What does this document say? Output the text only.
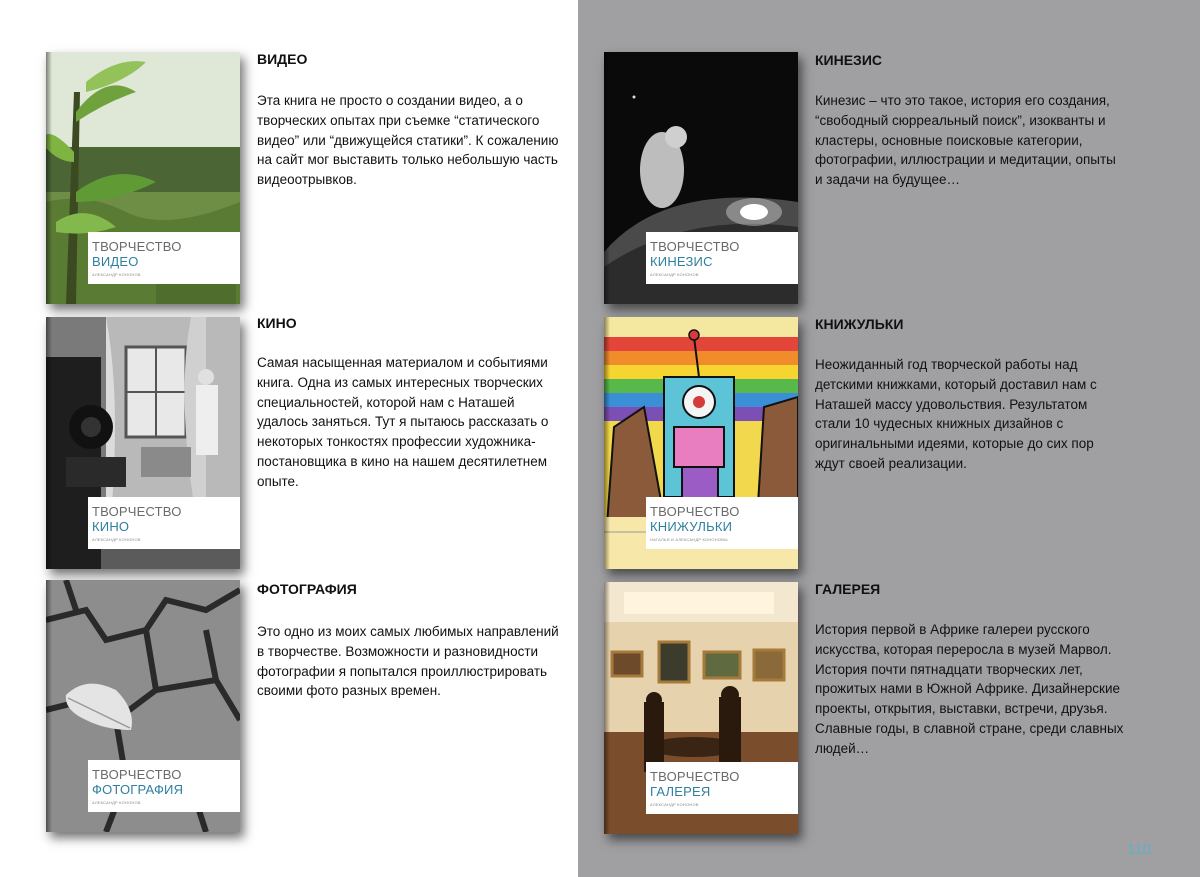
ТВОРЧЕСТВО
ВИДЕО
АЛЕКСАНДР КОНОНОВ
ВИДЕО

Эта книга не просто о создании видео, а о творческих опытах при съемке “статического видео” или “движущейся статики”. К сожалению на сайт мог выставить только небольшую часть видеоотрывков.

ТВОРЧЕСТВО
КИНО
АЛЕКСАНДР КОНОНОВ
КИНО

Самая насыщенная материалом и событиями книга. Одна из самых интересных творческих специальностей, которой нам с Наташей удалось заняться. Тут я пытаюсь рассказать о некоторых тонкостях профессии художника-постановщика в кино на нашем десятилетнем опыте.

ТВОРЧЕСТВО
ФОТОГРАФИЯ
АЛЕКСАНДР КОНОНОВ
ФОТОГРАФИЯ

Это одно из моих самых любимых направлений в творчестве. Возможности и разновидности фотографии я попытался проиллюстрировать своими фото разных времен.

ТВОРЧЕСТВО
КИНЕЗИС
АЛЕКСАНДР КОНОНОВ
КИНЕЗИС

Кинезис – что это такое, история его создания, “свободный сюрреальный поиск”, изокванты и кластеры, основные поисковые категории, фотографии, иллюстрации и медитации, опыты и задачи на будущее…

ТВОРЧЕСТВО
КНИЖУЛЬКИ
НАТАЛЬЯ И АЛЕКСАНДР КОНОНОВЫ
КНИЖУЛЬКИ

Неожиданный год творческой работы над детскими книжками, который доставил нам с Наташей массу удовольствия. Результатом стали 10 чудесных книжных дизайнов с оригинальными идеями, которые до сих пор ждут своей реализации.

ТВОРЧЕСТВО
ГАЛЕРЕЯ
АЛЕКСАНДР КОНОНОВ
ГАЛЕРЕЯ

История первой в Африке галереи русского искусства, которая переросла в музей Марвол. История почти пятнадцати творческих лет, прожитых нами в Южной Африке. Дизайнерские проекты, открытия, выставки, встречи, друзья. Славные годы, в славной стране, среди славных людей…

110
